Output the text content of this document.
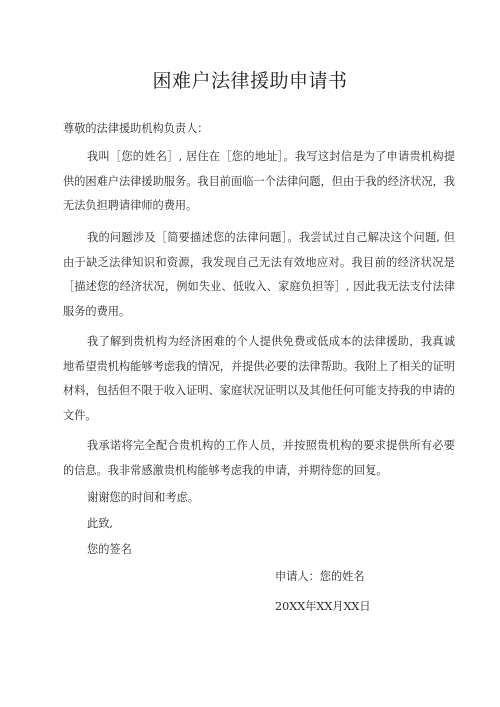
困难户法律援助申请书

尊敬的法律援助机构负责人：

我叫［您的姓名］, 居住在［您的地址］。我写这封信是为了申请贵机构提供的困难户法律援助服务。我目前面临一个法律问题，但由于我的经济状况，我无法负担聘请律师的费用。

我的问题涉及［简要描述您的法律问题］。我尝试过自己解决这个问题, 但由于缺乏法律知识和资源，我发现自己无法有效地应对。我目前的经济状况是［描述您的经济状况，例如失业、低收入、家庭负担等］, 因此我无法支付法律服务的费用。

我了解到贵机构为经济困难的个人提供免费或低成本的法律援助，我真诚地希望贵机构能够考虑我的情况，并提供必要的法律帮助。我附上了相关的证明材料，包括但不限于收入证明、家庭状况证明以及其他任何可能支持我的申请的文件。

我承诺将完全配合贵机构的工作人员，并按照贵机构的要求提供所有必要的信息。我非常感激贵机构能够考虑我的申请，并期待您的回复。

谢谢您的时间和考虑。

此致,

您的签名

申请人：您的姓名
20XX年XX月XX日
